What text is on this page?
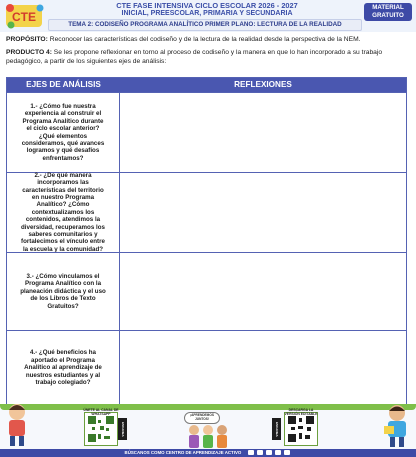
CTE
CTE FASE INTENSIVA CICLO ESCOLAR 2026 - 2027
INICIAL, PREESCOLAR, PRIMARIA Y SECUNDARIA
TEMA 2: CODISEÑO PROGRAMA ANALÍTICO PRIMER PLANO: LECTURA DE LA REALIDAD
MATERIAL
GRATUITO
PROPÓSITO: Reconocer las características del codiseño y de la lectura de la realidad desde la perspectiva de la NEM.
PRODUCTO 4: Se les propone reflexionar en torno al proceso de codiseño y la manera en que lo han incorporado a su trabajo pedagógico, a partir de los siguientes ejes de análisis:
EJES DE ANÁLISIS	REFLEXIONES
1.- ¿Cómo fue nuestra experiencia al construir el Programa Analítico durante el ciclo escolar anterior? ¿Qué elementos consideramos, qué avances logramos y qué desafíos enfrentamos?
2.- ¿De qué manera incorporamos las características del territorio en nuestro Programa Analítico? ¿Cómo contextualizamos los contenidos, atendimos la diversidad, recuperamos los saberes comunitarios y fortalecimos el vínculo entre la escuela y la comunidad?
3.- ¿Cómo vinculamos el Programa Analítico con la planeación didáctica y el uso de los Libros de Texto Gratuitos?
4.- ¿Qué beneficios ha aportado el Programa Analítico al aprendizaje de nuestros estudiantes y al trabajo colegiado?
ÚNETE AL CANAL DE WHATSAPP
ESCANEA
¡APRENDEMOS JUNTOS!
ESCANEA
DESCARGA LA VERSIÓN EDITABLE
BÚSCANOS COMO CENTRO DE APRENDIZAJE ACTIVO
